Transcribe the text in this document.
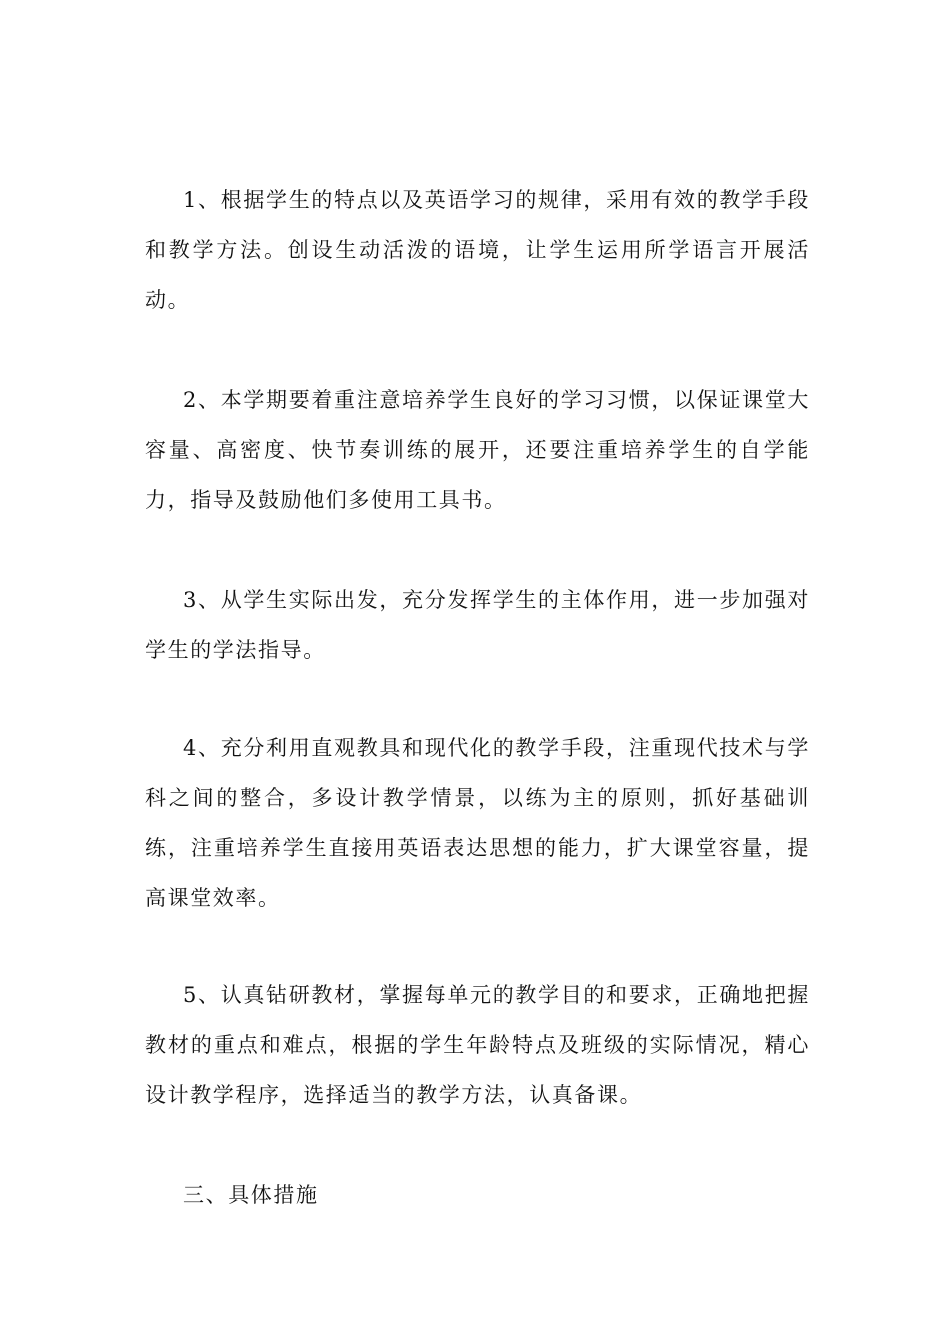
1、根据学生的特点以及英语学习的规律，采用有效的教学手段和教学方法。创设生动活泼的语境，让学生运用所学语言开展活动。

2、本学期要着重注意培养学生良好的学习习惯，以保证课堂大容量、高密度、快节奏训练的展开，还要注重培养学生的自学能力，指导及鼓励他们多使用工具书。

3、从学生实际出发，充分发挥学生的主体作用，进一步加强对学生的学法指导。

4、充分利用直观教具和现代化的教学手段，注重现代技术与学科之间的整合，多设计教学情景，以练为主的原则，抓好基础训练，注重培养学生直接用英语表达思想的能力，扩大课堂容量，提高课堂效率。

5、认真钻研教材，掌握每单元的教学目的和要求，正确地把握教材的重点和难点，根据的学生年龄特点及班级的实际情况，精心设计教学程序，选择适当的教学方法，认真备课。

三、具体措施
